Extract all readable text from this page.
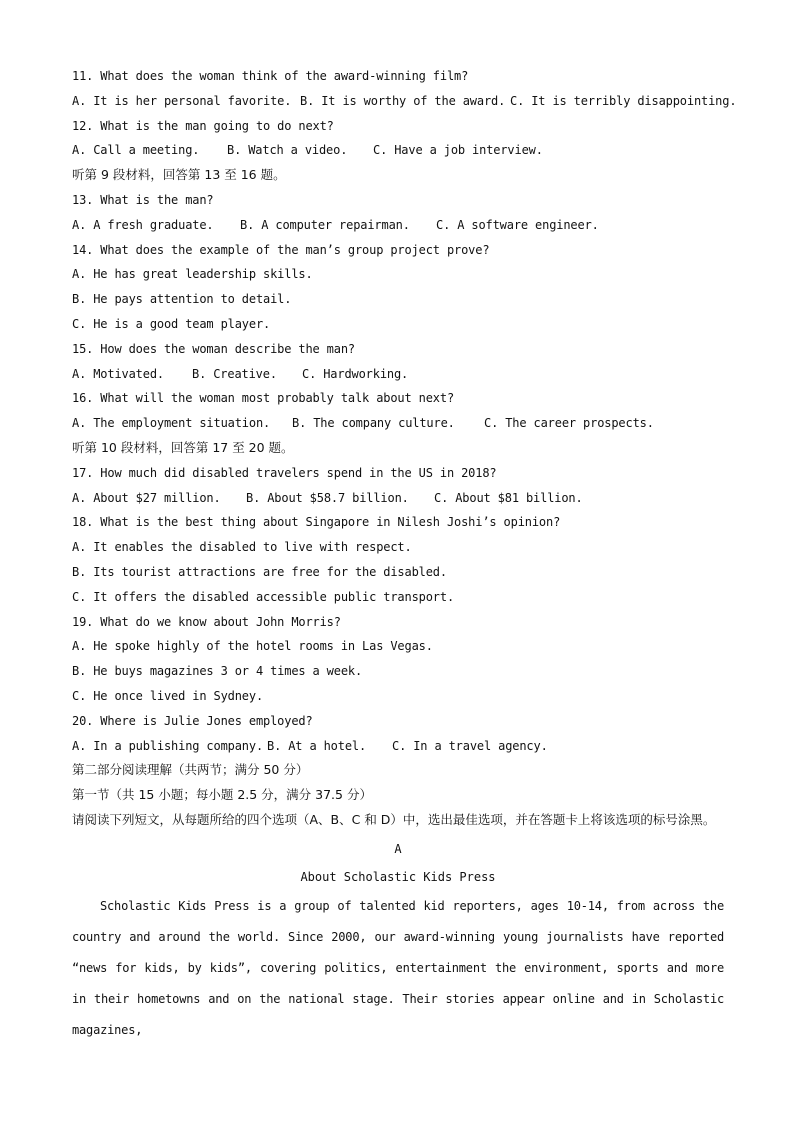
11. What does the woman think of the award-winning film?
A. It is her personal favorite. B. It is worthy of the award. C. It is terribly disappointing.
12. What is the man going to do next?
A. Call a meeting. B. Watch a video. C. Have a job interview.
听第 9 段材料，回答第 13 至 16 题。
13. What is the man?
A. A fresh graduate. B. A computer repairman. C. A software engineer.
14. What does the example of the man’s group project prove?
A. He has great leadership skills.
B. He pays attention to detail.
C. He is a good team player.
15. How does the woman describe the man?
A. Motivated. B. Creative. C. Hardworking.
16. What will the woman most probably talk about next?
A. The employment situation. B. The company culture. C. The career prospects.
听第 10 段材料，回答第 17 至 20 题。
17. How much did disabled travelers spend in the US in 2018?
A. About $27 million. B. About $58.7 billion. C. About $81 billion.
18. What is the best thing about Singapore in Nilesh Joshi’s opinion?
A. It enables the disabled to live with respect.
B. Its tourist attractions are free for the disabled.
C. It offers the disabled accessible public transport.
19. What do we know about John Morris?
A. He spoke highly of the hotel rooms in Las Vegas.
B. He buys magazines 3 or 4 times a week.
C. He once lived in Sydney.
20. Where is Julie Jones employed?
A. In a publishing company. B. At a hotel. C. In a travel agency.
第二部分阅读理解（共两节；满分 50 分）
第一节（共 15 小题；每小题 2.5 分，满分 37.5 分）
请阅读下列短文，从每题所给的四个选项（A、B、C 和 D）中，选出最佳选项，并在答题卡上将该选项的标号涂黑。
A
About Scholastic Kids Press

Scholastic Kids Press is a group of talented kid reporters, ages 10-14, from across the country and around the world. Since 2000, our award-winning young journalists have reported “news for kids, by kids”, covering politics, entertainment the environment, sports and more in their hometowns and on the national stage. Their stories appear online and in Scholastic magazines,
